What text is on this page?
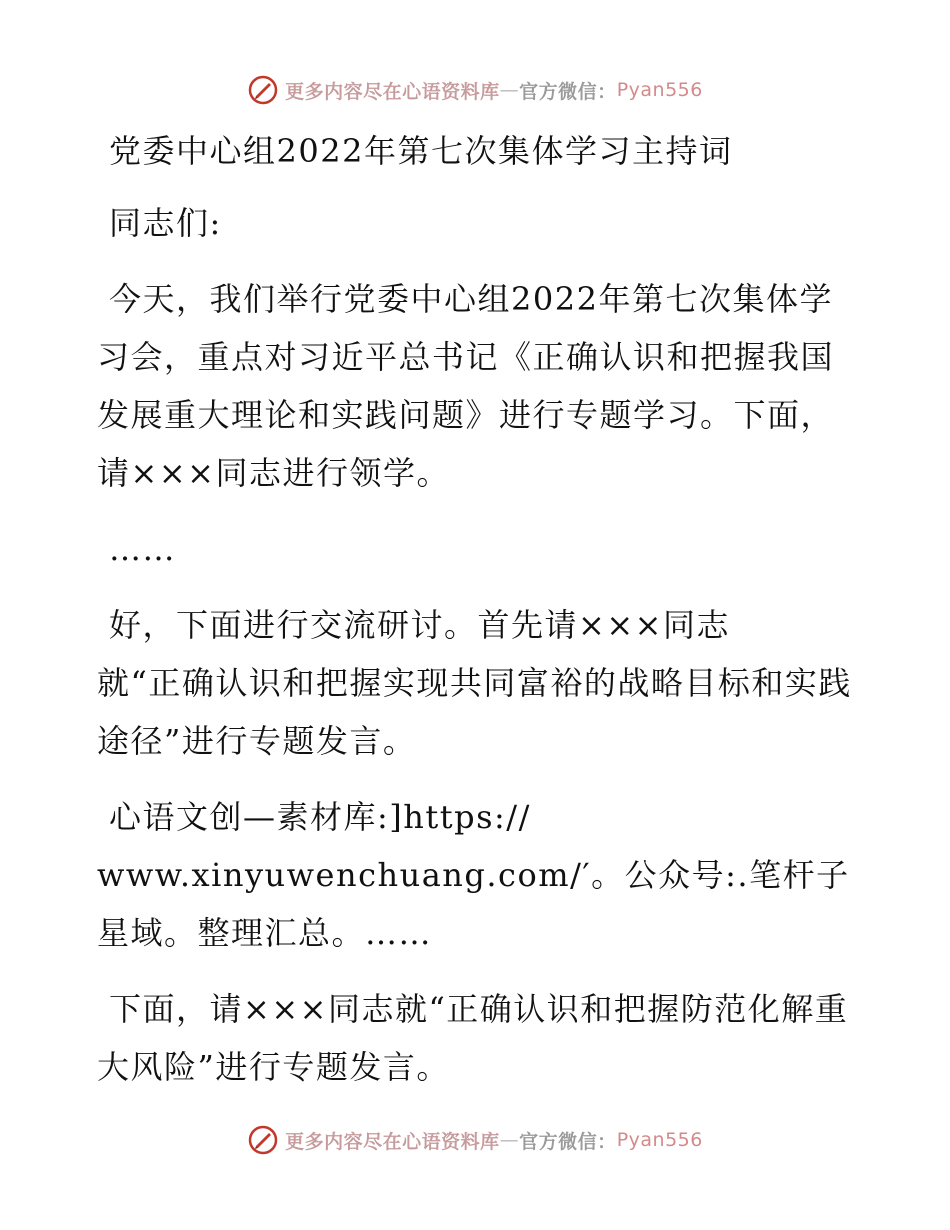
更多内容尽在心语资料库 — 官方微信： Pyan556

党委中心组2022年第七次集体学习主持词

同志们:

今天，我们举行党委中心组2022年第七次集体学习会，重点对习近平总书记《正确认识和把握我国发展重大理论和实践问题》进行专题学习。下面，请×××同志进行领学。

……

好，下面进行交流研讨。首先请×××同志
就“正确认识和把握实现共同富裕的战略目标和实践途径”进行专题发言。

心语文创—素材库:]https://
www.xinyuwenchuang.com/′。公众号:.笔杆子星域。整理汇总。……

下面，请×××同志就“正确认识和把握防范化解重大风险”进行专题发言。

更多内容尽在心语资料库 — 官方微信： Pyan556
